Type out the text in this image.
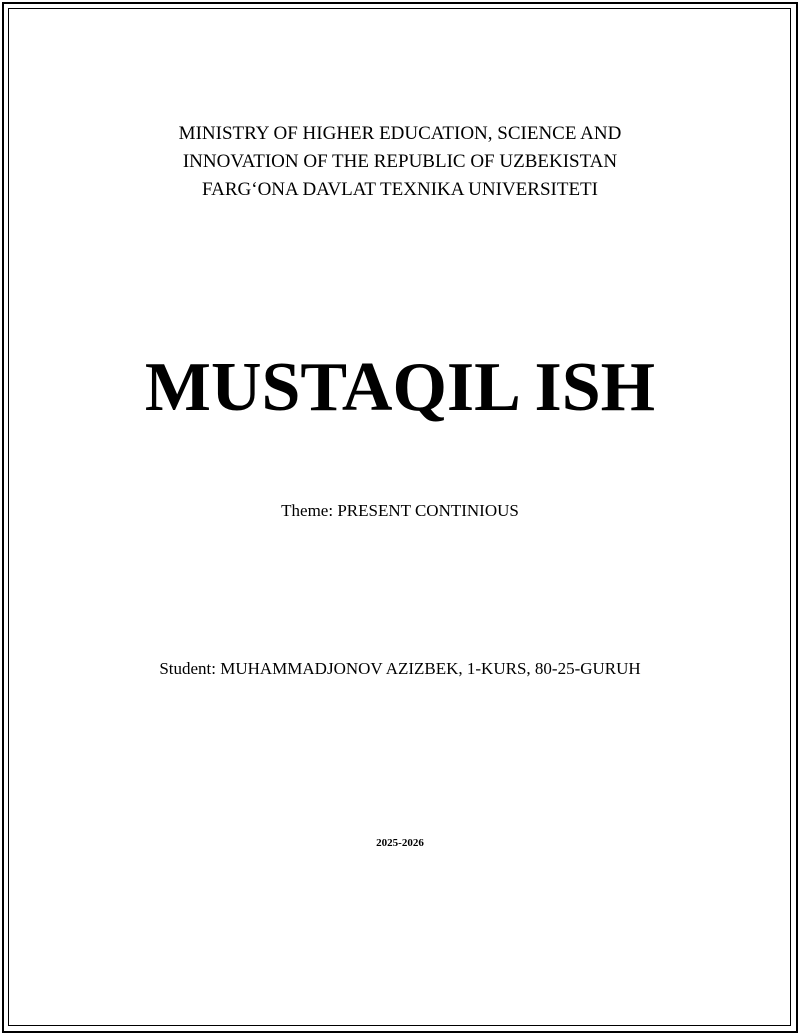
MINISTRY OF HIGHER EDUCATION, SCIENCE AND
INNOVATION OF THE REPUBLIC OF UZBEKISTAN
FARG‘ONA DAVLAT TEXNIKA UNIVERSITETI
MUSTAQIL ISH
Theme: PRESENT CONTINIOUS
Student: MUHAMMADJONOV AZIZBEK, 1-KURS, 80-25-GURUH
2025-2026
